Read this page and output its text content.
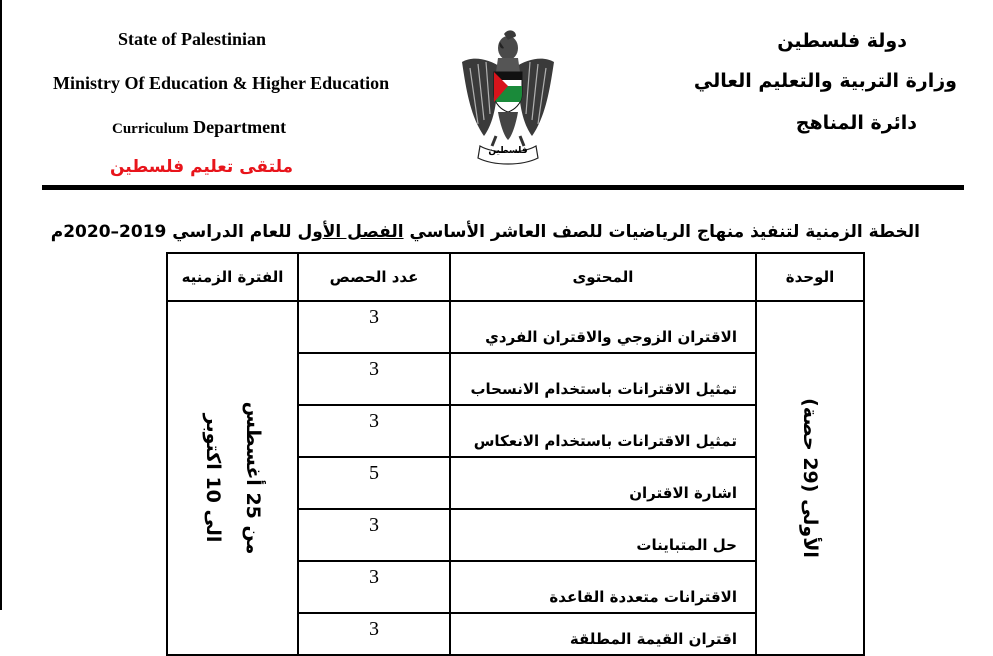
State of Palestinian
Ministry Of Education & Higher Education
Curriculum Department
ملتقى تعليم فلسطين
دولة فلسطين
وزارة التربية والتعليم العالي
دائرة المناهج
فلسطين
الخطة الزمنية لتنفيذ منهاج الرياضيات للصف العاشر الأساسي الفصل الأول للعام الدراسي 2019–2020م
الوحدة	المحتوى	عدد الحصص	الفترة الزمنيه

الأولى (29 حصة)	الاقتران الزوجي والاقتران الفردي	3	من 25 أغسطس
الى 10 اكتوبر

	تمثيل الاقترانات باستخدام الانسحاب	3	
	تمثيل الاقترانات باستخدام الانعكاس	3	
	اشارة الاقتران	5	
	حل المتباينات	3	
	الاقترانات متعددة القاعدة	3	
	اقتران القيمة المطلقة	3	
